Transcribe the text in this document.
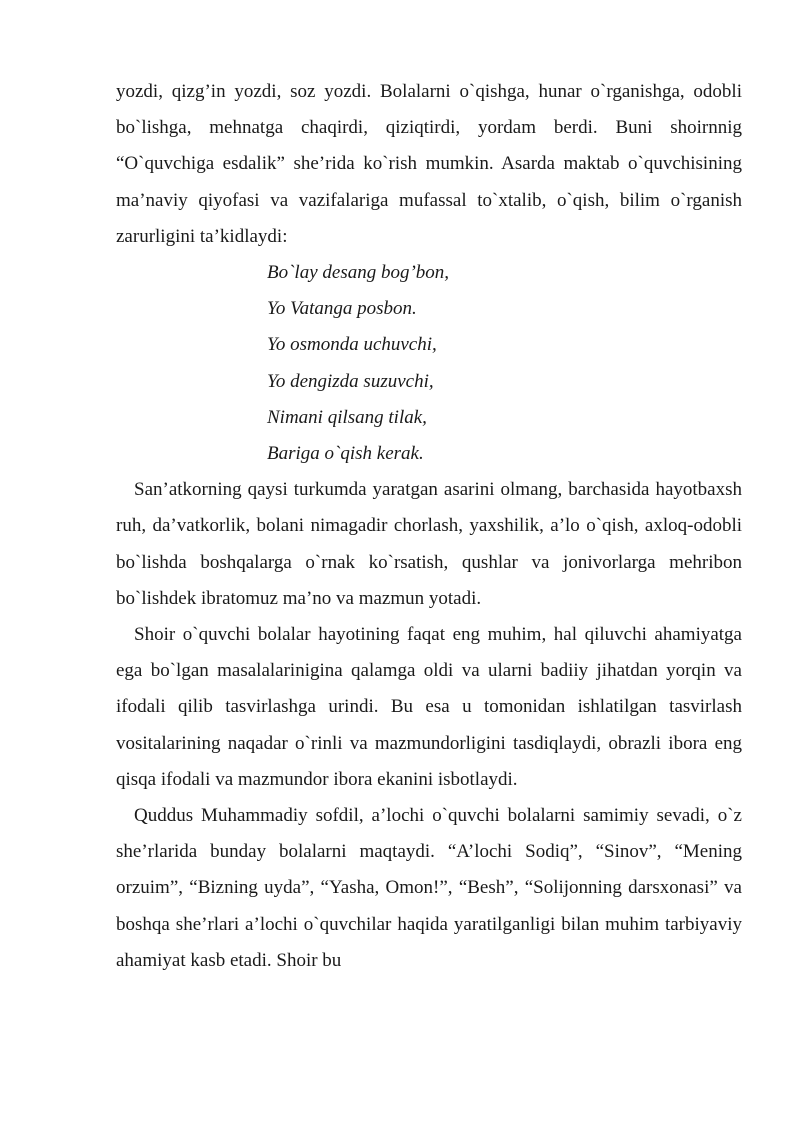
yozdi, qizg’in yozdi, soz yozdi. Bolalarni o`qishga, hunar o`rganishga, odobli bo`lishga, mehnatga chaqirdi, qiziqtirdi, yordam berdi. Buni shoirnnig “O`quvchiga esdalik” she’rida ko`rish mumkin. Asarda maktab o`quvchisining ma’naviy qiyofasi va vazifalariga mufassal to`xtalib, o`qish, bilim o`rganish zarurligini ta’kidlaydi:

Bo`lay desang bog’bon,
Yo Vatanga posbon.
Yo osmonda uchuvchi,
Yo dengizda suzuvchi,
Nimani qilsang tilak,
Bariga o`qish kerak.

San’atkorning qaysi turkumda yaratgan asarini olmang, barchasida hayotbaxsh ruh, da’vatkorlik, bolani nimagadir chorlash, yaxshilik, a’lo o`qish, axloq-odobli bo`lishda boshqalarga o`rnak ko`rsatish, qushlar va jonivorlarga mehribon bo`lishdek ibratomuz ma’no va mazmun yotadi.

Shoir o`quvchi bolalar hayotining faqat eng muhim, hal qiluvchi ahamiyatga ega bo`lgan masalalarinigina qalamga oldi va ularni badiiy jihatdan yorqin va ifodali qilib tasvirlashga urindi. Bu esa u tomonidan ishlatilgan tasvirlash vositalarining naqadar o`rinli va mazmundorligini tasdiqlaydi, obrazli ibora eng qisqa ifodali va mazmundor ibora ekanini isbotlaydi.

Quddus Muhammadiy sofdil, a’lochi o`quvchi bolalarni samimiy sevadi, o`z she’rlarida bunday bolalarni maqtaydi. “A’lochi Sodiq”, “Sinov”, “Mening orzuim”, “Bizning uyda”, “Yasha, Omon!”, “Besh”, “Solijonning darsxonasi” va boshqa she’rlari a’lochi o`quvchilar haqida yaratilganligi bilan muhim tarbiyaviy ahamiyat kasb etadi. Shoir bu
